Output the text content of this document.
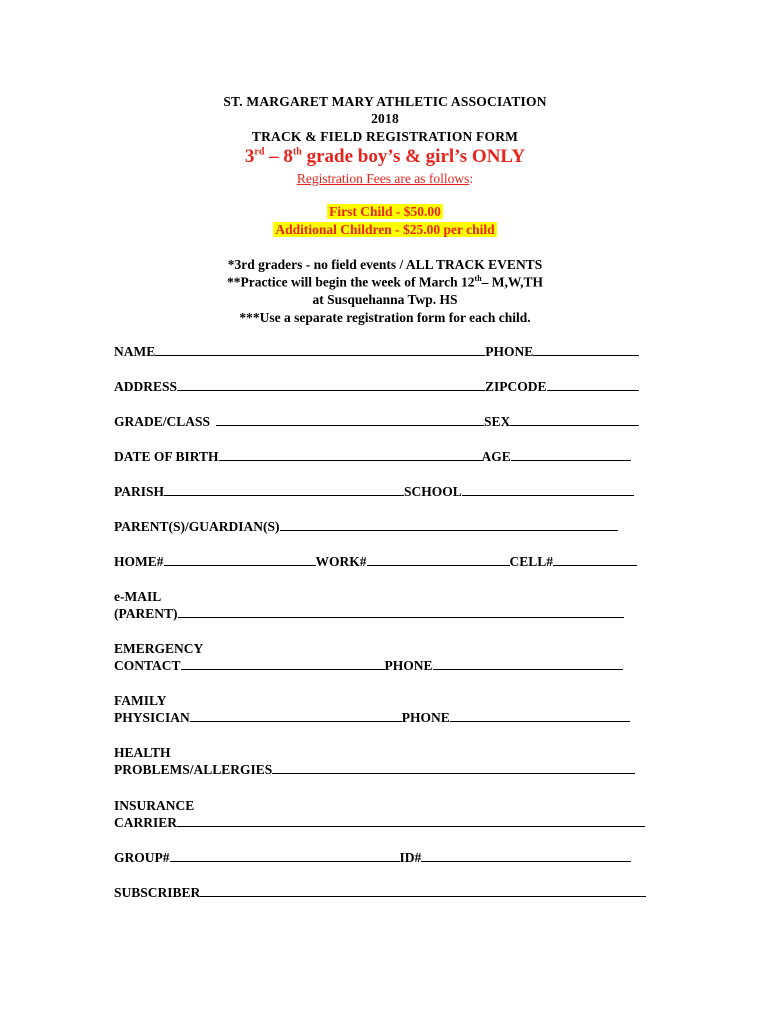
ST. MARGARET MARY ATHLETIC ASSOCIATION
2018
TRACK & FIELD REGISTRATION FORM
3rd – 8th grade boy’s & girl’s ONLY
Registration Fees are as follows:
First Child - $50.00
Additional Children - $25.00 per child
*3rd graders - no field events / ALL TRACK EVENTS
**Practice will begin the week of March 12th– M,W,TH
at Susquehanna Twp. HS
***Use a separate registration form for each child.
NAME	PHONE
ADDRESS	ZIPCODE
GRADE/CLASS	SEX
DATE OF BIRTH	AGE
PARISH	SCHOOL
PARENT(S)/GUARDIAN(S)
HOME#	WORK#	CELL#
e-MAIL
(PARENT)
EMERGENCY
CONTACT	PHONE
FAMILY
PHYSICIAN	PHONE
HEALTH
PROBLEMS/ALLERGIES
INSURANCE
CARRIER
GROUP#	ID#
SUBSCRIBER
